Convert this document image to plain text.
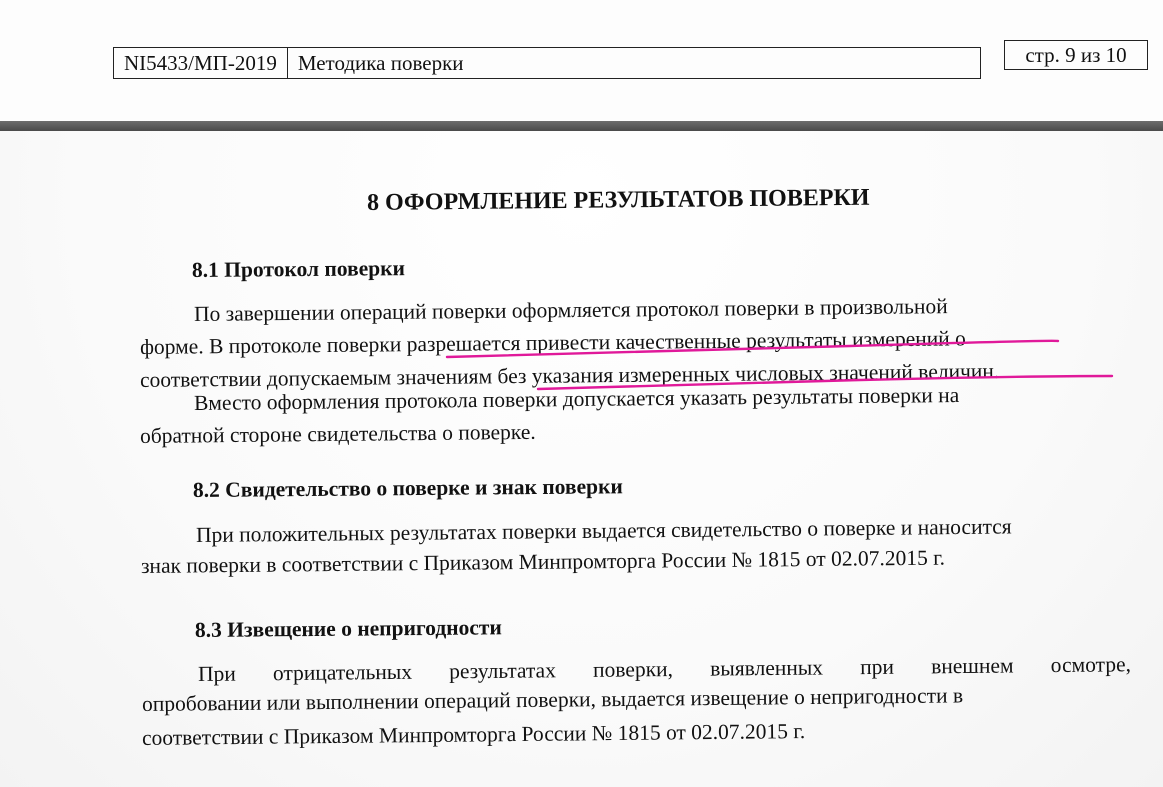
NI5433/МП-2019	Методика поверки	стр. 9 из 10
8 ОФОРМЛЕНИЕ РЕЗУЛЬТАТОВ ПОВЕРКИ
8.1 Протокол поверки
По завершении операций поверки оформляется протокол поверки в произвольной
форме. В протоколе поверки разрешается привести качественные результаты измерений о
соответствии допускаемым значениям без указания измеренных числовых значений величин.
Вместо оформления протокола поверки допускается указать результаты поверки на
обратной стороне свидетельства о поверке.
8.2 Свидетельство о поверке и знак поверки
При положительных результатах поверки выдается свидетельство о поверке и наносится
знак поверки в соответствии с Приказом Минпромторга России № 1815 от 02.07.2015 г.
8.3 Извещение о непригодности
При отрицательных результатах поверки, выявленных при внешнем осмотре,
опробовании или выполнении операций поверки, выдается извещение о непригодности в
соответствии с Приказом Минпромторга России № 1815 от 02.07.2015 г.
